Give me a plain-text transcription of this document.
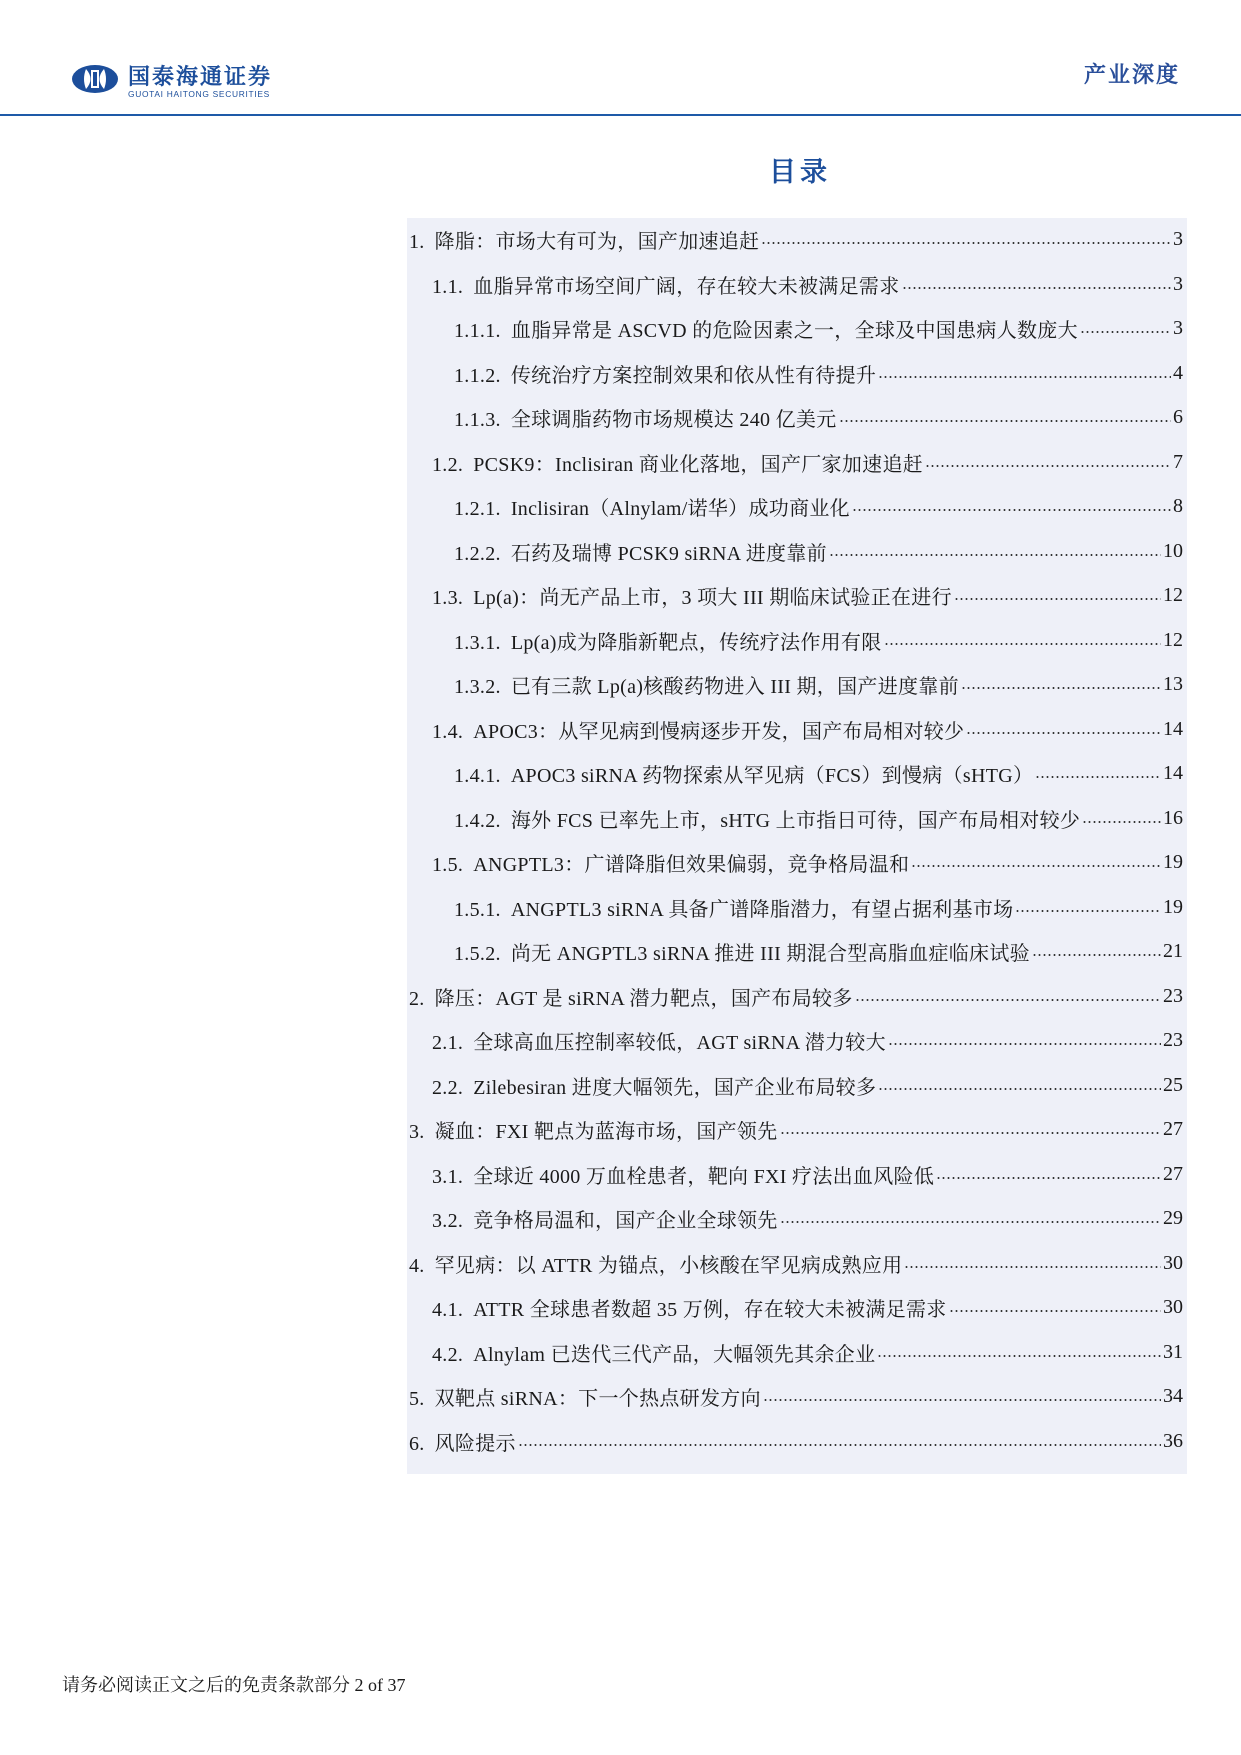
国泰海通证券
GUOTAI HAITONG SECURITIES
产业深度
目录
1. 降脂：市场大有可为，国产加速追赶	3
1.1. 血脂异常市场空间广阔，存在较大未被满足需求	3
1.1.1. 血脂异常是 ASCVD 的危险因素之一，全球及中国患病人数庞大	3
1.1.2. 传统治疗方案控制效果和依从性有待提升	4
1.1.3. 全球调脂药物市场规模达 240 亿美元	6
1.2. PCSK9：Inclisiran 商业化落地，国产厂家加速追赶	7
1.2.1. Inclisiran（Alnylam/诺华）成功商业化	8
1.2.2. 石药及瑞博 PCSK9 siRNA 进度靠前	10
1.3. Lp(a)：尚无产品上市，3 项大 III 期临床试验正在进行	12
1.3.1. Lp(a)成为降脂新靶点，传统疗法作用有限	12
1.3.2. 已有三款 Lp(a)核酸药物进入 III 期，国产进度靠前	13
1.4. APOC3：从罕见病到慢病逐步开发，国产布局相对较少	14
1.4.1. APOC3 siRNA 药物探索从罕见病（FCS）到慢病（sHTG）	14
1.4.2. 海外 FCS 已率先上市，sHTG 上市指日可待，国产布局相对较少	16
1.5. ANGPTL3：广谱降脂但效果偏弱，竞争格局温和	19
1.5.1. ANGPTL3 siRNA 具备广谱降脂潜力，有望占据利基市场	19
1.5.2. 尚无 ANGPTL3 siRNA 推进 III 期混合型高脂血症临床试验	21
2. 降压：AGT 是 siRNA 潜力靶点，国产布局较多	23
2.1. 全球高血压控制率较低，AGT siRNA 潜力较大	23
2.2. Zilebesiran 进度大幅领先，国产企业布局较多	25
3. 凝血：FXI 靶点为蓝海市场，国产领先	27
3.1. 全球近 4000 万血栓患者，靶向 FXI 疗法出血风险低	27
3.2. 竞争格局温和，国产企业全球领先	29
4. 罕见病：以 ATTR 为锚点，小核酸在罕见病成熟应用	30
4.1. ATTR 全球患者数超 35 万例，存在较大未被满足需求	30
4.2. Alnylam 已迭代三代产品，大幅领先其余企业	31
5. 双靶点 siRNA：下一个热点研发方向	34
6. 风险提示	36
请务必阅读正文之后的免责条款部分 2 of 37
